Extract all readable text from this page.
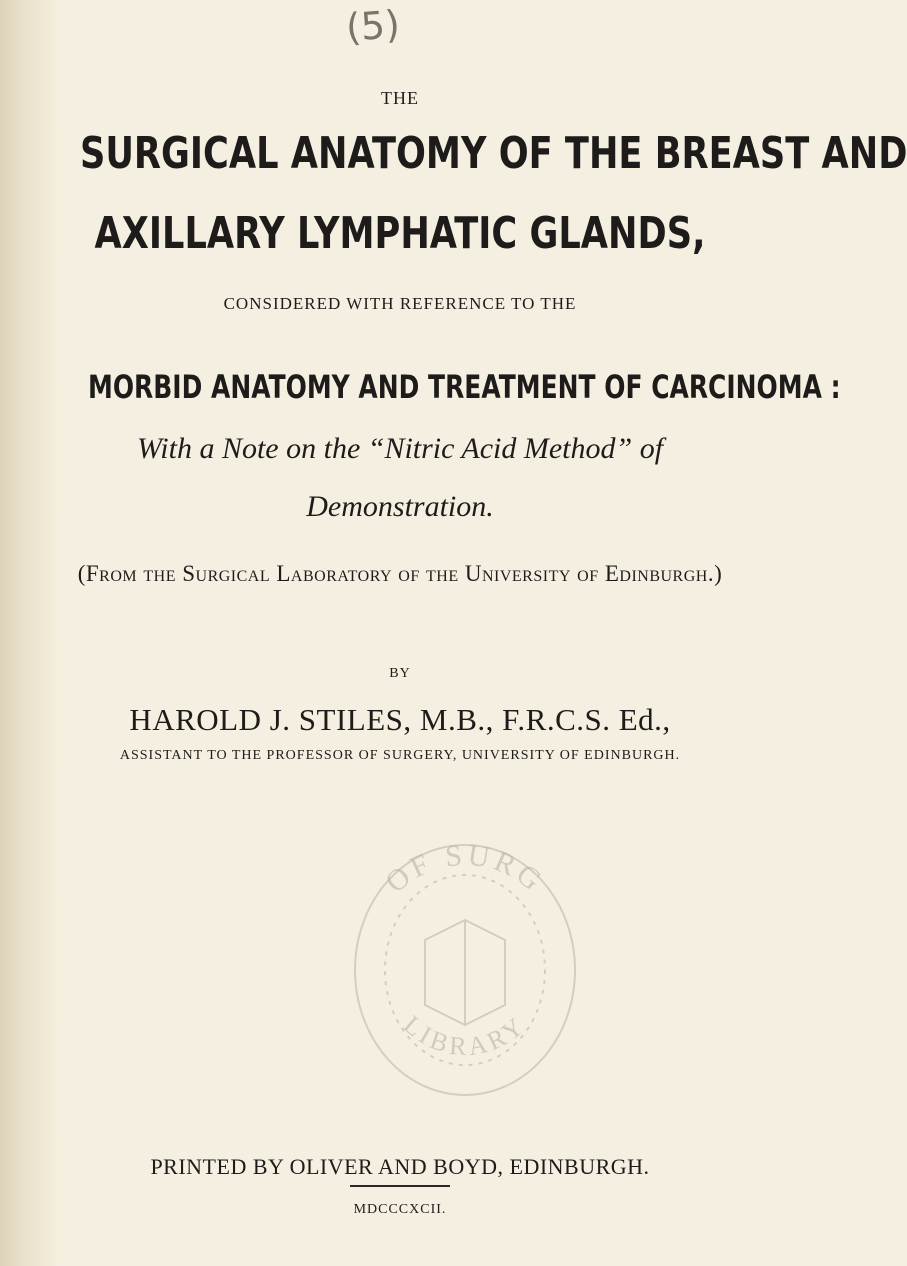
(5)
THE
SURGICAL ANATOMY OF THE BREAST AND
AXILLARY LYMPHATIC GLANDS,
CONSIDERED WITH REFERENCE TO THE
MORBID ANATOMY AND TREATMENT OF CARCINOMA :
With a Note on the “Nitric Acid Method” of
Demonstration.
(From the Surgical Laboratory of the University of Edinburgh.)
BY
HAROLD J. STILES, M.B., F.R.C.S. Ed.,
ASSISTANT TO THE PROFESSOR OF SURGERY, UNIVERSITY OF EDINBURGH.
OF SURG
LIBRARY
PRINTED BY OLIVER AND BOYD, EDINBURGH.
MDCCCXCII.
